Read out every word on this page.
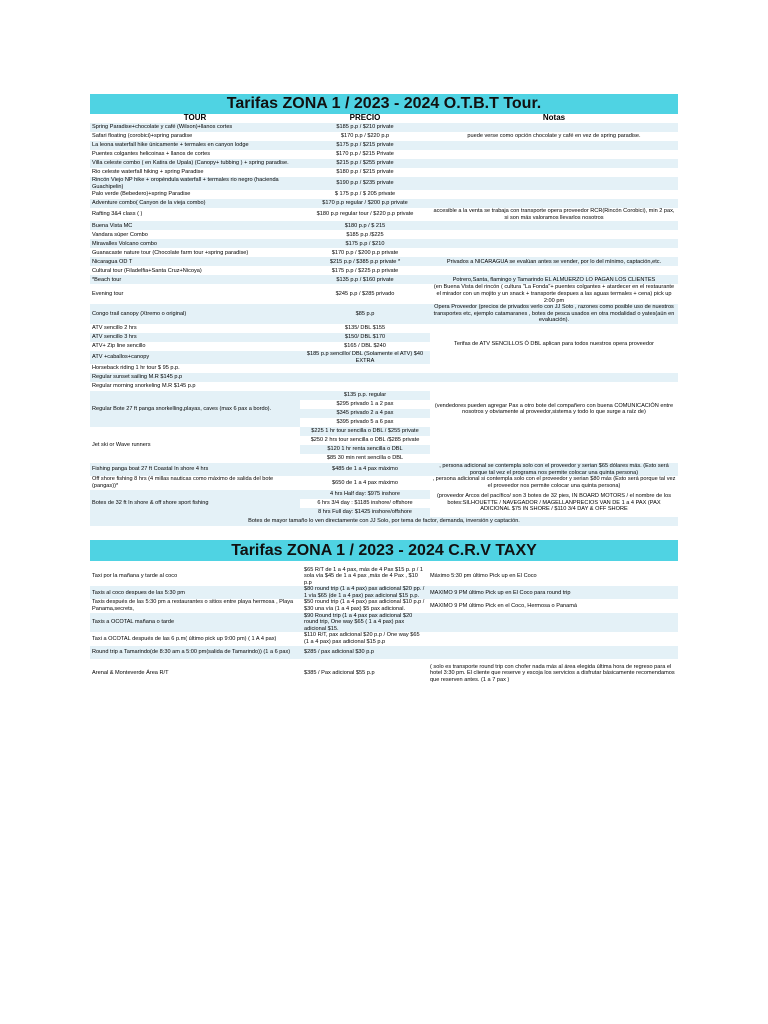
Tarifas ZONA 1 / 2023 - 2024 O.T.B.T Tour.
TOUR	PRECIO	Notas
Spring Paradise+chocolate y café (Wilson)+llanos cortes	$185 p.p / $210 private	
Safari floating (corobici)+spring paradise	$170 p.p / $220 p.p	puede verse como opción chocolate y café en vez de spring paradise.
La leona waterfall hike únicamente + termales en canyon lodge	$175 p.p / $215 private	
Puentes colgantes helicoinas + llanos de cortes	$170 p.p / $215 Private	
Villa celeste combo ( en Katira de Upala) (Canopy+ tubbing ) + spring paradise.	$215 p.p / $255 private	
Rio celeste waterfall hiking + spring Paradise	$180 p.p / $215 private	
Rincón Viejo NP hike + oropéndula waterfall + termales rio negro (hacienda Guachipelin)	$190 p.p / $235 private	
Palo verde (Bebedero)+spring Paradise	$ 175 p.p / $ 205 private	
Adventure combo( Canyon de la vieja combo)	$170 p.p regular / $200 p.p private	
Rafting 3&4 class ( )	$180 p.p regular tour / $220 p.p private	accesible a la venta se trabaja con transporte opera proveedor RCR(Rincón Corobici), min 2 pax, si son más valoramos llevarlos nosotros
Buena Vista MC	$180 p.p / $ 215	
Vandara súper Combo	$185 p.p /$225	
Miravalles Volcano combo	$175 p.p / $210	
Guanacaste nature tour (Chocolate farm tour +spring paradise)	$170 p.p / $200 p.p private	
Nicaragua OD T	$215 p.p / $385 p.p private *	Privados a NICARAGUA se evalúan antes se vender, por lo del mínimo, captación,etc.
Cultural tour (Filadelfia+Santa Cruz+Nicoya)	$175 p.p / $225 p.p private	
*Beach tour	$135 p.p / $160 private	Potrero,Santa, flamingo y Tamarindo EL ALMUERZO LO PAGAN LOS CLIENTES
Evening tour	$245 p.p / $285 privado	(en Buena Vista del rincón ( cultura "La Fonda"+ puentes colgantes + atardecer en el restaurante el mirador con un mojito y un snack + transporte despues a las aguas termales + cena) pick up 2:00 pm
Congo trail canopy (Xtremo o original)	$85 p.p	Opera Proveedor (precios de privados verlo con JJ Soto , razones como posible uso de nuestros transportes etc, ejemplo catamaranes , botes de pesca usados en otra modalidad o yates(aún en evaluación).
ATV sencillo 2 hrs	$135/ DBL $155	Terifas de ATV SENCILLOS Ó DBL aplican para todos nuestros opera proveedor
ATV sencillo 3 hrs	$150/ DBL $170	
ATV+ Zip line sencillo	$165 / DBL $240	
ATV +caballos+canopy	$185 p.p sencillo/ DBL (Solamente el ATV) $40 EXTRA	
Horseback riding 1 hr tour $ 95 p.p.		
Regular sunset sailing M.R $145 p.p		
Regular morning snorkeling M.R $145 p.p		
Regular Bote 27 ft panga snorkelling,playas, caves (max 6 pax a bordo).	$135 p.p. regular	(vendedores pueden agregar Pax a otro bote del compañero con buena COMUNICACIÓN entre nosotros y obviamente al proveedor,sistema y todo lo que surge a raíz de)
	$295 privado 1 a 2 pax	
	$345 privado 2 a 4 pax	
	$395 privado 5 a 6 pax	
Jet ski or Wave runners	$225 1 hr tour sencilla o DBL / $255 private	
	$250 2 hrs tour sencilla o DBL /$285 private	
	$120 1 hr renta sencilla o DBL	
	$85 30 min rent sencilla o DBL	
Fishing panga boat 27 ft Coastal In shore 4 hrs	$485 de 1 a 4 pax máximo	, persona adicional se contempla solo con el proveedor y serian $65 dólares más. (Esto será porque tal vez el programa nos permite colocar una quinta persona)
Off shore fishing 8 hrs (4 millas nauticas como máximo de salida del bote (pangas))*	$650 de 1 a 4 pax máximo	, persona adicional si contempla solo con el proveedor y serian $80 más (Esto será porque tal vez el proveedor nos permite colocar una quinta persona)
Botes de 32 ft In shore & off shore sport fishing	4 hrs Half day: $975 inshore	(proveedor Arcos del pacífico/ son 3 botes de 32 pies, IN BOARD MOTORS / el nombre de los botes:SILHOUETTE / NAVEGADOR / MAGELLANPRECIOS VAN DE 1 a 4 PAX (PAX ADICIONAL $75 IN SHORE / $110 3/4 DAY & OFF SHORE
	6 hrs 3/4 day : $1185 inshore/ offshore	
	8 hrs Full day: $1425 inshore/offshore	
Botes de mayor tamaño lo ven directamente con JJ Solo, por tema de factor, demanda, inversión y captación.		
Tarifas ZONA 1 / 2023 - 2024 C.R.V TAXY

Taxi por la mañana y tarde al coco	$65 R/T de 1 a 4 pax, más de 4 Pax $15 p. p / 1 sola vía $45 de 1 a 4 pax ,más de 4 Pax , $10 p.p	Máximo 5:30 pm último Pick up en El Coco
Taxis al coco despues de las 5:30 pm	$80 round trip (1 a 4 pax) pax adicional $20 pp. / 1 vía $65 (de 1 a 4 pax) pax adicional $15 p.p.	MAXIMO 9 PM último Pick up en El Coco para round trip
Taxis después de las 5:30 pm a restaurantes o sitios entre playa hermosa , Playa Panama,secrets,	$50 round trip (1 a 4 pax) pax adicional $10 p.p / $30 una vía (1 a 4 pax) $5 pax adicional.	MAXIMO 9 PM último Pick en el Coco, Hermosa o Panamá
Taxis a OCOTAL mañana o tarde	$90 Round trip (1 a 4 pax pax adicional $20 round trip, One way $65 ( 1 a 4 pax) pax adicional $15.	
Taxi a OCOTAL después de las 6 p.m( último pick up 9:00 pm) ( 1 A 4 pax)	$110 R/T, pax adicional $20 p.p / One way $65 (1 a 4 pax) pax adicional $15 p.p	
Round trip a Tamarindo(de 8:30 am a 5:00 pm(salida de Tamarindo)) (1 a 6 pax)	$285 / pax adicional $30 p.p	
Arenal & Monteverde Área R/T	$385 / Pax adicional $55 p.p	( solo es transporte round trip con chofer nada más al área elegida última hora de regreso para el hotel 3:30 pm. El cliente que reserve y escoja los servicios a disfrutar básicamente recomendamos que reserven antes. (1 a 7 pax )
